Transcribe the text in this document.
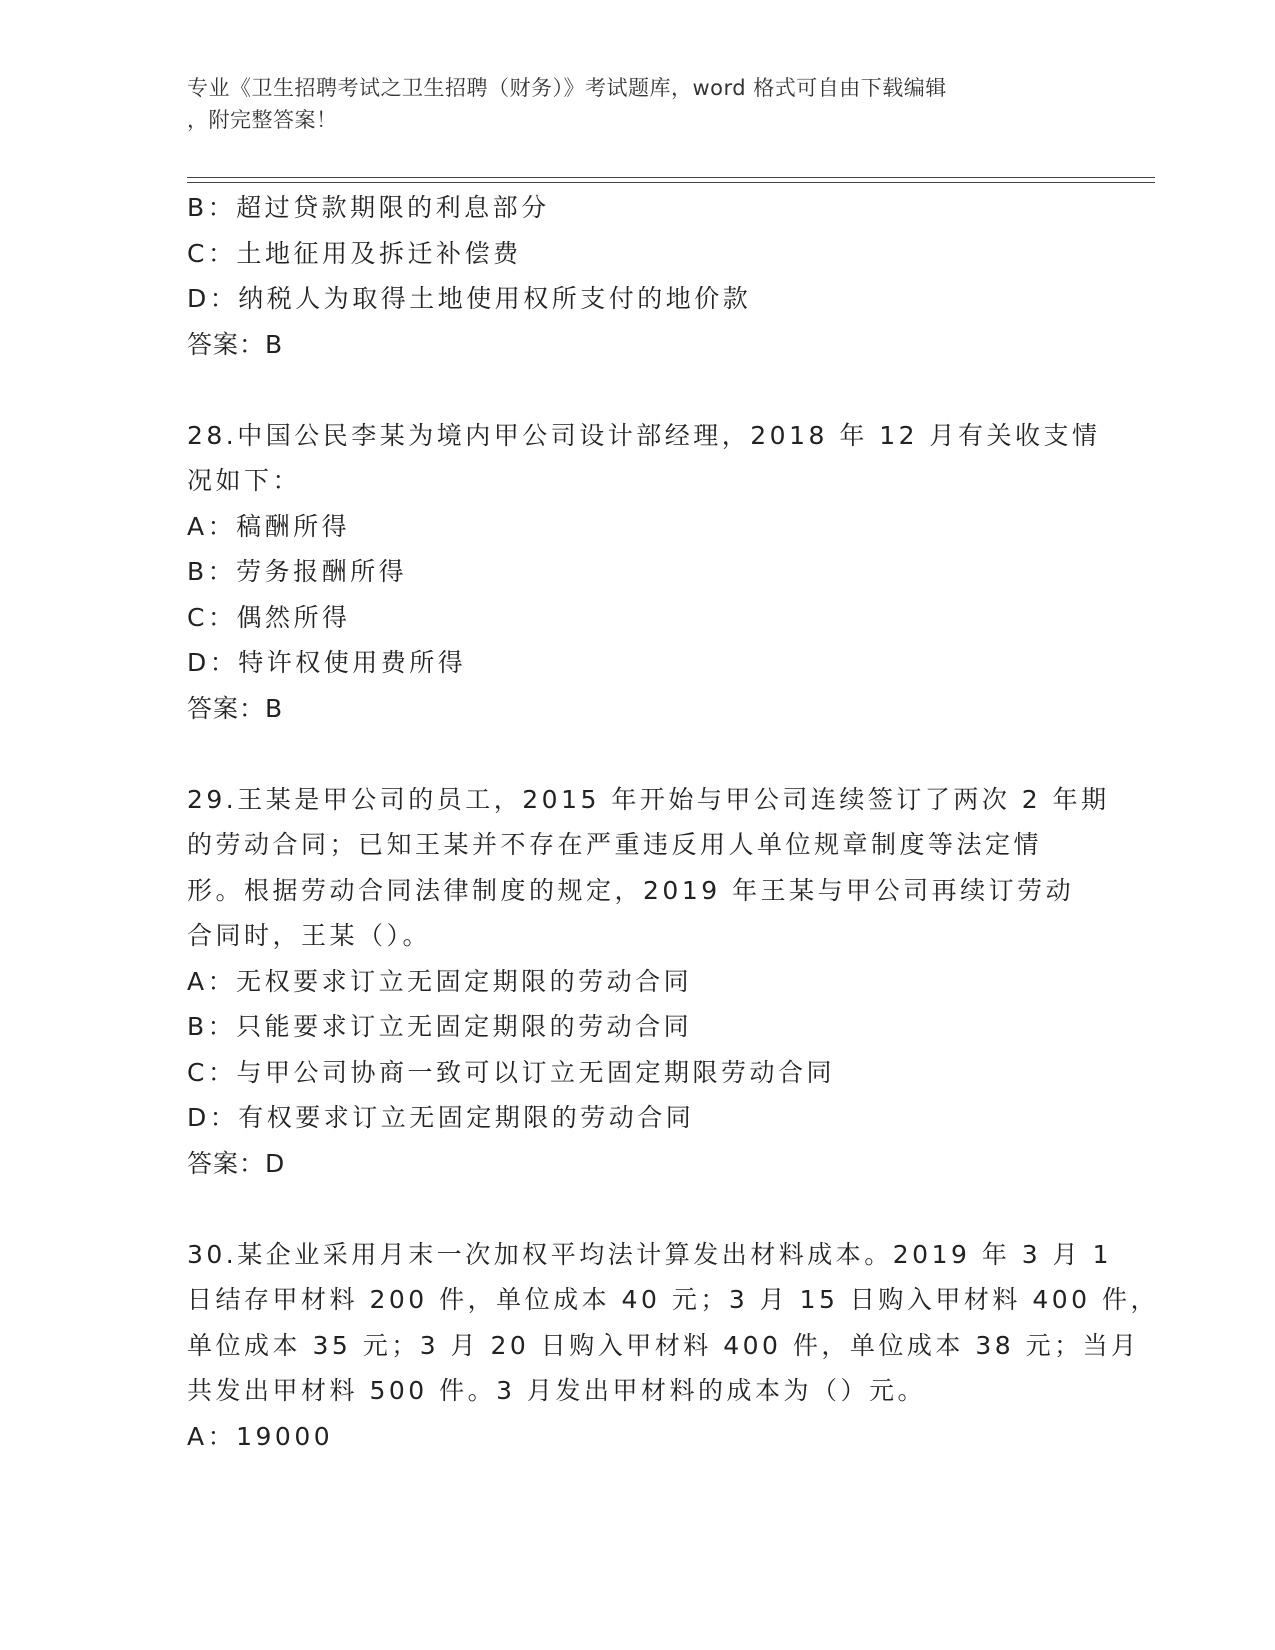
专业《卫生招聘考试之卫生招聘（财务）》考试题库，word 格式可自由下载编辑
，附完整答案！
B：超过贷款期限的利息部分
C：土地征用及拆迁补偿费
D：纳税人为取得土地使用权所支付的地价款
答案：B
28.中国公民李某为境内甲公司设计部经理，2018 年 12 月有关收支情
况如下：
A：稿酬所得
B：劳务报酬所得
C：偶然所得
D：特许权使用费所得
答案：B
29.王某是甲公司的员工，2015 年开始与甲公司连续签订了两次 2 年期
的劳动合同；已知王某并不存在严重违反用人单位规章制度等法定情
形。根据劳动合同法律制度的规定，2019 年王某与甲公司再续订劳动
合同时，王某（）。
A：无权要求订立无固定期限的劳动合同
B：只能要求订立无固定期限的劳动合同
C：与甲公司协商一致可以订立无固定期限劳动合同
D：有权要求订立无固定期限的劳动合同
答案：D
30.某企业采用月末一次加权平均法计算发出材料成本。2019 年 3 月 1
日结存甲材料 200 件，单位成本 40 元；3 月 15 日购入甲材料 400 件，
单位成本 35 元；3 月 20 日购入甲材料 400 件，单位成本 38 元；当月
共发出甲材料 500 件。3 月发出甲材料的成本为（）元。
A：19000
